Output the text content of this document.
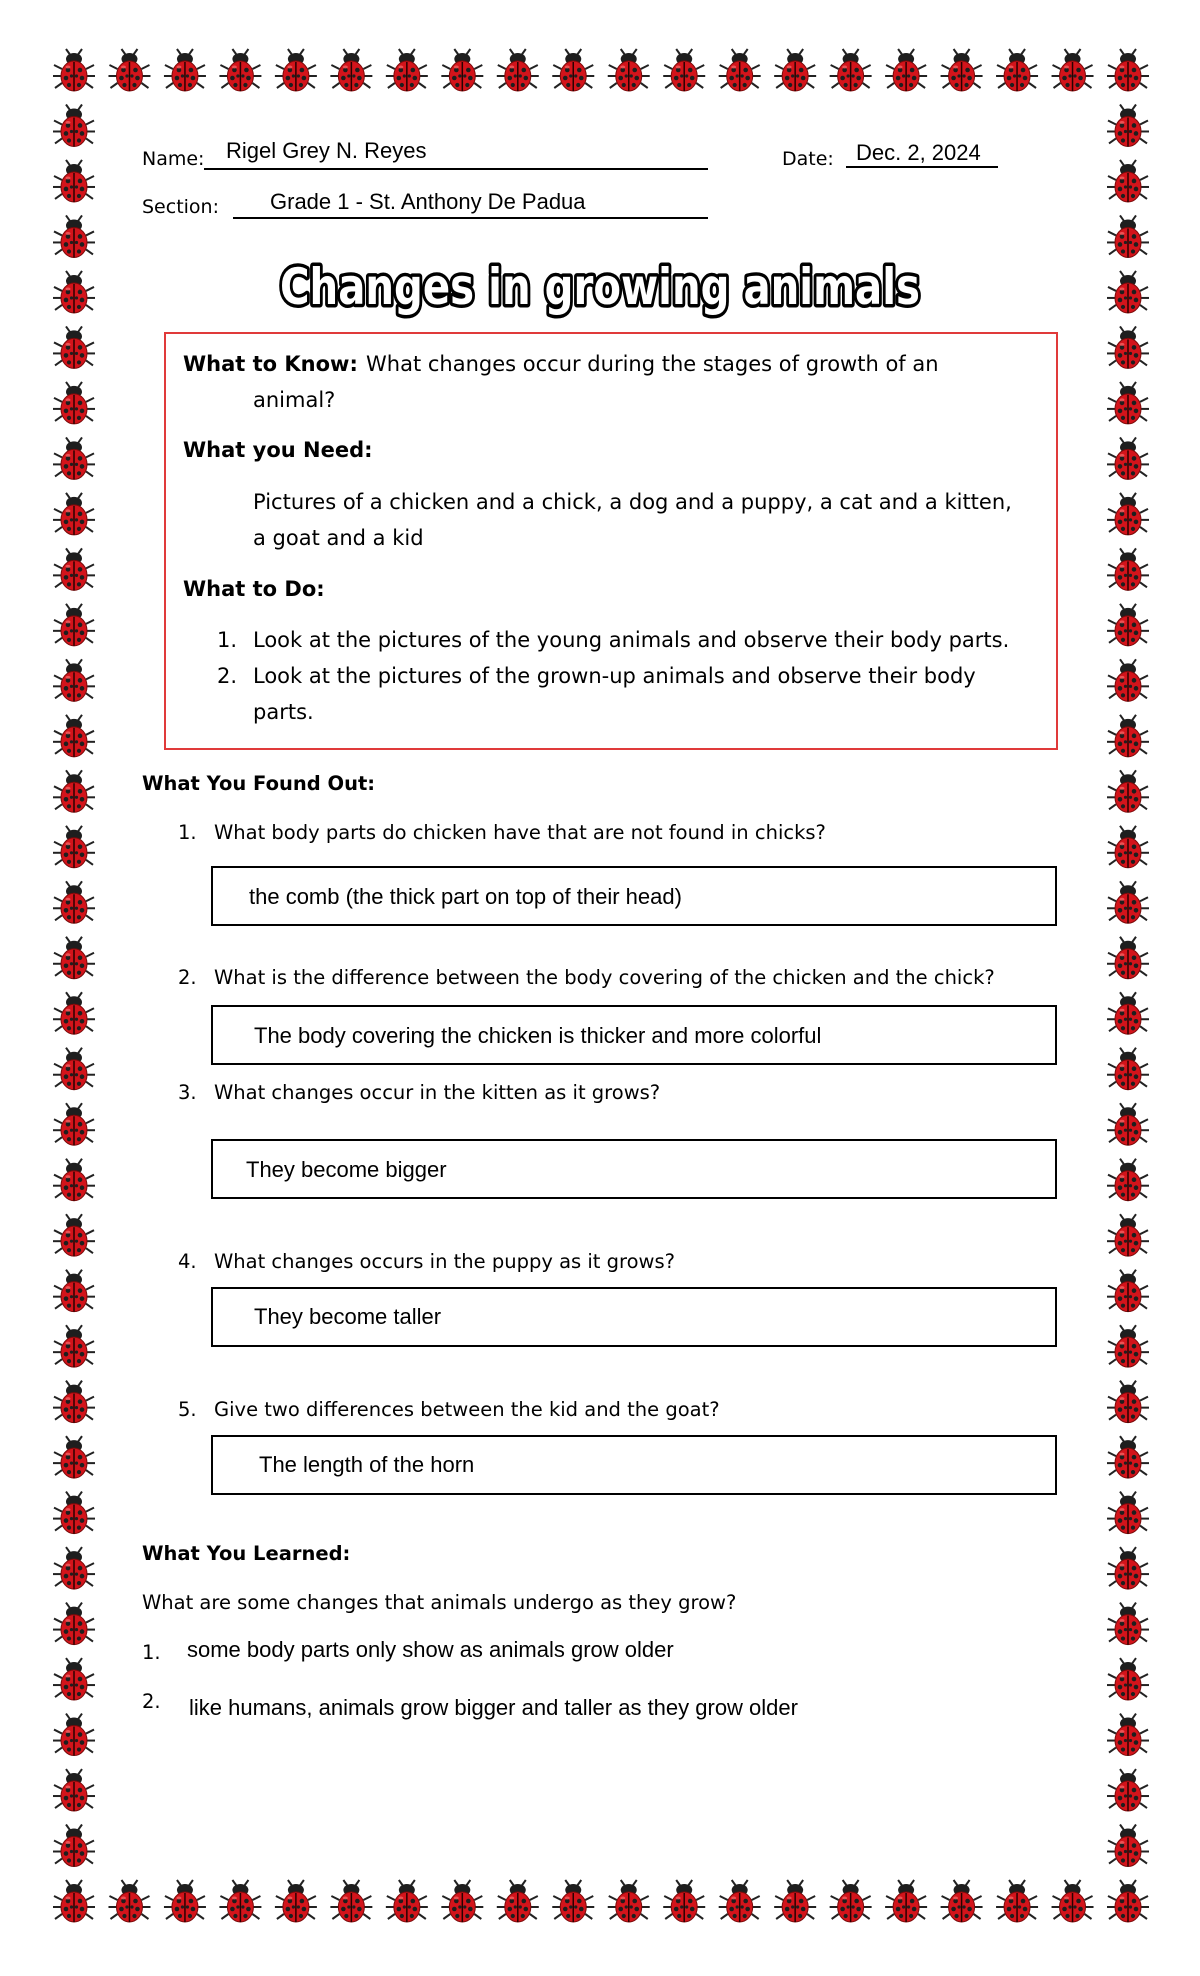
Name: Rigel Grey N. Reyes	Date: Dec. 2, 2024
Section: Grade 1 - St. Anthony De Padua
Changes in growing animals
Changes in growing animals
What to Know: What changes occur during the stages of growth of an
animal?
What you Need:
Pictures of a chicken and a chick, a dog and a puppy, a cat and a kitten,
a goat and a kid
What to Do:
1. Look at the pictures of the young animals and observe their body parts.
2. Look at the pictures of the grown-up animals and observe their body
parts.
What You Found Out:
1. What body parts do chicken have that are not found in chicks?
the comb (the thick part on top of their head)
2. What is the difference between the body covering of the chicken and the chick?
The body covering the chicken is thicker and more colorful
3. What changes occur in the kitten as it grows?
They become bigger
4. What changes occurs in the puppy as it grows?
They become taller
5. Give two differences between the kid and the goat?
The length of the horn
What You Learned:
What are some changes that animals undergo as they grow?
1. some body parts only show as animals grow older
2. like humans, animals grow bigger and taller as they grow older
